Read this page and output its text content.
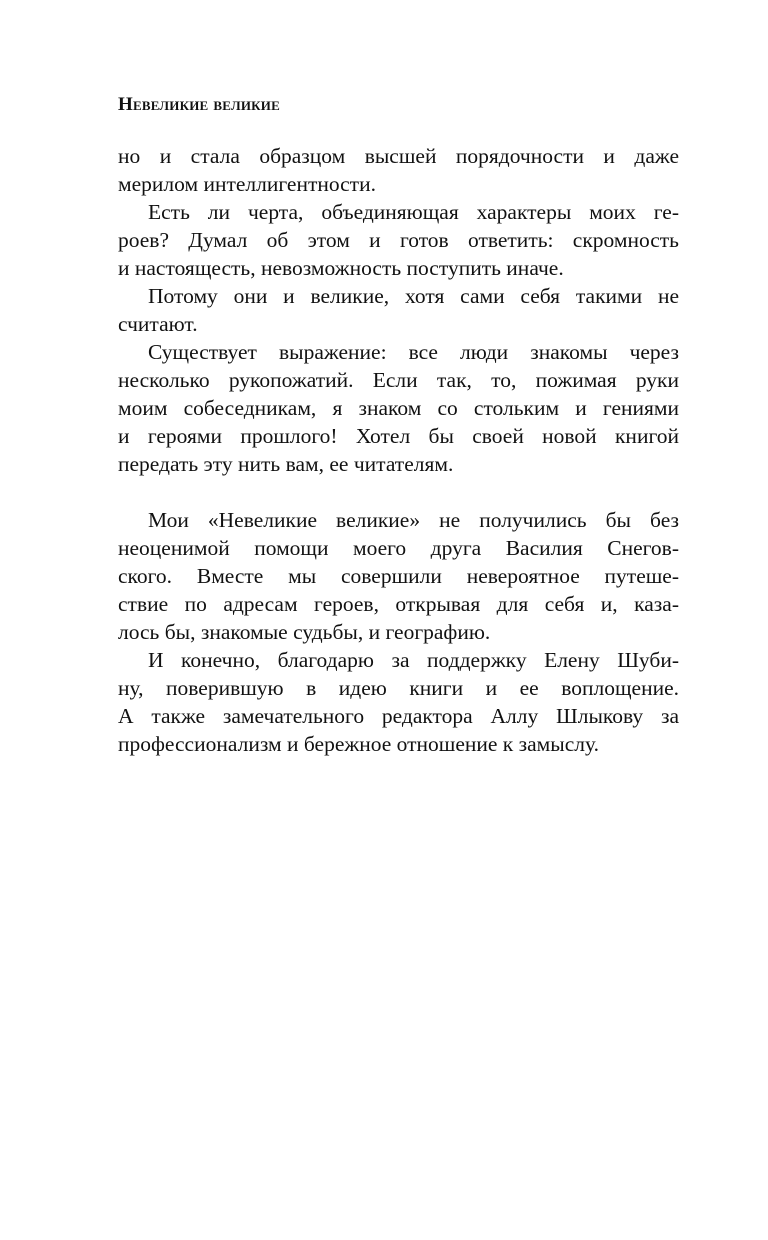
Невеликие великие
но и стала образцом высшей порядочности и даже
мерилом интеллигентности.
Есть ли черта, объединяющая характеры моих ге-
роев? Думал об этом и готов ответить: скромность
и настоящесть, невозможность поступить иначе.
Потому они и великие, хотя сами себя такими не
считают.
Существует выражение: все люди знакомы через
несколько рукопожатий. Если так, то, пожимая руки
моим собеседникам, я знаком со стольким и гениями
и героями прошлого! Хотел бы своей новой книгой
передать эту нить вам, ее читателям.
Мои «Невеликие великие» не получились бы без
неоценимой помощи моего друга Василия Снегов-
ского. Вместе мы совершили невероятное путеше-
ствие по адресам героев, открывая для себя и, каза-
лось бы, знакомые судьбы, и географию.
И конечно, благодарю за поддержку Елену Шуби-
ну, поверившую в идею книги и ее воплощение.
А также замечательного редактора Аллу Шлыкову за
профессионализм и бережное отношение к замыслу.
